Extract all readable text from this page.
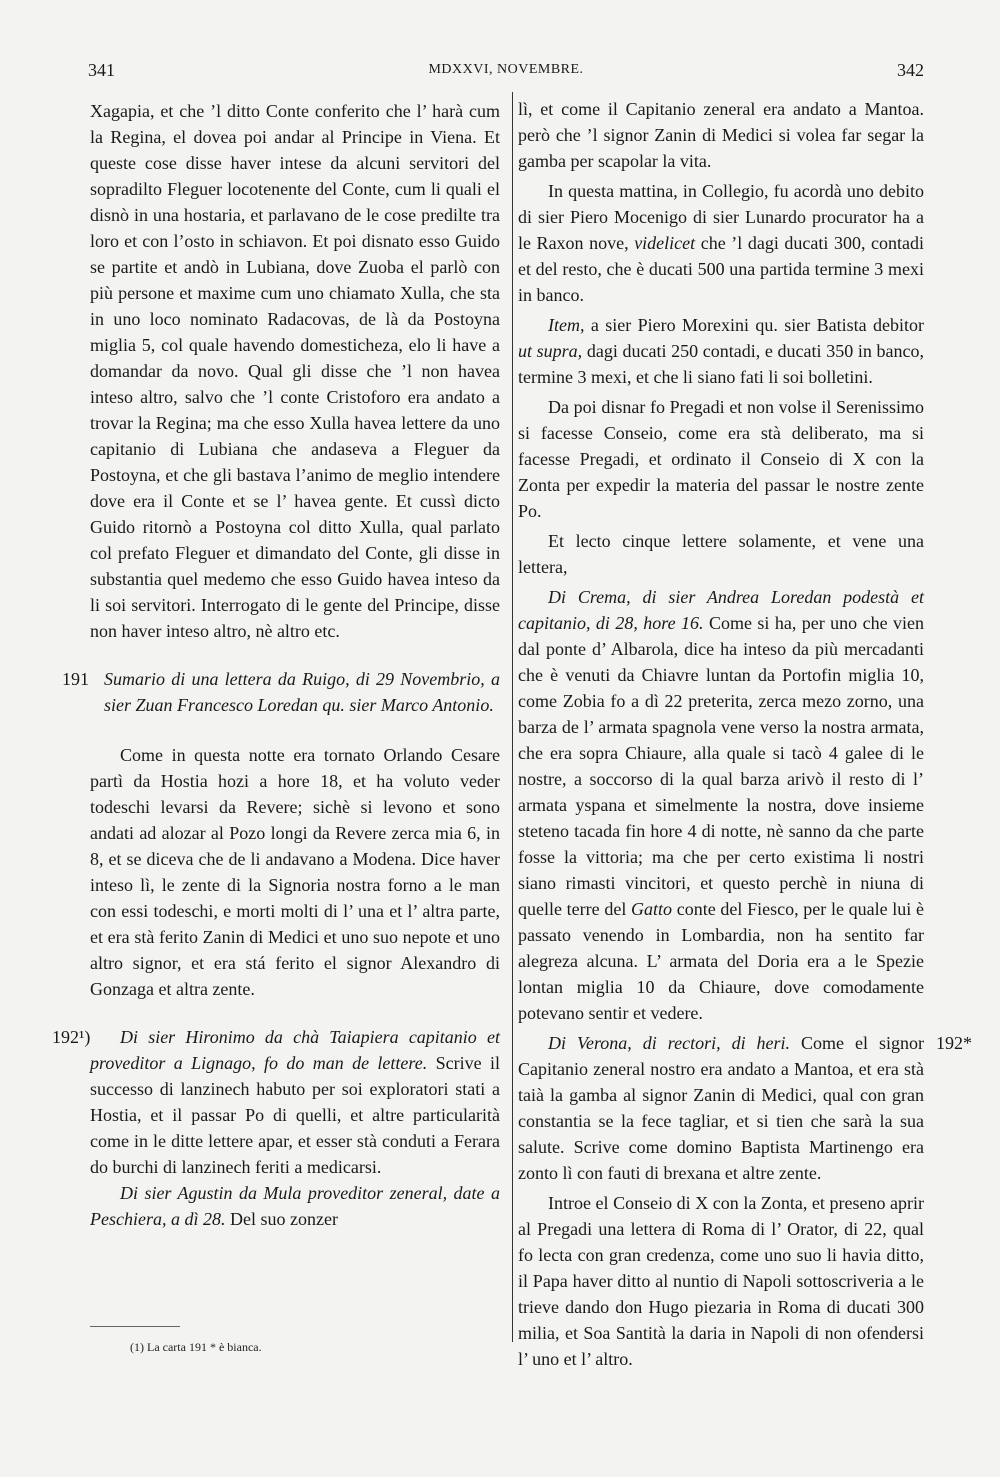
341	MDXXVI, NOVEMBRE.	342

Xagapia, et che ’l ditto Conte conferito che l’ harà cum la Regina, el dovea poi andar al Principe in Viena. Et queste cose disse haver intese da alcuni servitori del sopradilto Fleguer locotenente del Conte, cum li quali el disnò in una hostaria, et parlavano de le cose predilte tra loro et con l’osto in schiavon. Et poi disnato esso Guido se partite et andò in Lubiana, dove Zuoba el parlò con più persone et maxime cum uno chiamato Xulla, che sta in uno loco nominato Radacovas, de là da Postoyna miglia 5, col quale havendo domesticheza, elo li have a domandar da novo. Qual gli disse che ’l non havea inteso altro, salvo che ’l conte Cristoforo era andato a trovar la Regina; ma che esso Xulla havea lettere da uno capitanio di Lubiana che andaseva a Fleguer da Postoyna, et che gli bastava l’animo de meglio intendere dove era il Conte et se l’ havea gente. Et cussì dicto Guido ritornò a Postoyna col ditto Xulla, qual parlato col prefato Fleguer et dimandato del Conte, gli disse in substantia quel medemo che esso Guido havea inteso da li soi servitori. Interrogato di le gente del Principe, disse non haver inteso altro, nè altro etc.

191 Sumario di una lettera da Ruigo, di 29 Novembrio, a sier Zuan Francesco Loredan qu. sier Marco Antonio.

Come in questa notte era tornato Orlando Cesare partì da Hostia hozi a hore 18, et ha voluto veder todeschi levarsi da Revere; sichè si levono et sono andati ad alozar al Pozo longi da Revere zerca mia 6, in 8, et se diceva che de li andavano a Modena. Dice haver inteso lì, le zente di la Signoria nostra forno a le man con essi todeschi, e morti molti di l’ una et l’ altra parte, et era stà ferito Zanin di Medici et uno suo nepote et uno altro signor, et era stá ferito el signor Alexandro di Gonzaga et altra zente.

192¹)	Di sier Hironimo da chà Taiapiera capitanio et proveditor a Lignago, fo do man de lettere. Scrive il successo di lanzinech habuto per soi exploratori stati a Hostia, et il passar Po di quelli, et altre particularità come in le ditte lettere apar, et esser stà conduti a Ferara do burchi di lanzinech feriti a medicarsi.

Di sier Agustin da Mula proveditor zeneral, date a Peschiera, a dì 28. Del suo zonzer

lì, et come il Capitanio zeneral era andato a Mantoa. però che ’l signor Zanin di Medici si volea far segar la gamba per scapolar la vita.

In questa mattina, in Collegio, fu acordà uno debito di sier Piero Mocenigo di sier Lunardo procurator ha a le Raxon nove, videlicet che ’l dagi ducati 300, contadi et del resto, che è ducati 500 una partida termine 3 mexi in banco.

Item, a sier Piero Morexini qu. sier Batista debitor ut supra, dagi ducati 250 contadi, e ducati 350 in banco, termine 3 mexi, et che li siano fati li soi bolletini.

Da poi disnar fo Pregadi et non volse il Serenissimo si facesse Conseio, come era stà deliberato, ma si facesse Pregadi, et ordinato il Conseio di X con la Zonta per expedir la materia del passar le nostre zente Po.

Et lecto cinque lettere solamente, et vene una lettera,

Di Crema, di sier Andrea Loredan podestà et capitanio, di 28, hore 16. Come si ha, per uno che vien dal ponte d’ Albarola, dice ha inteso da più mercadanti che è venuti da Chiavre luntan da Portofin miglia 10, come Zobia fo a dì 22 preterita, zerca mezo zorno, una barza de l’ armata spagnola vene verso la nostra armata, che era sopra Chiaure, alla quale si tacò 4 galee di le nostre, a soccorso di la qual barza arivò il resto di l’ armata yspana et simelmente la nostra, dove insieme steteno tacada fin hore 4 di notte, nè sanno da che parte fosse la vittoria; ma che per certo existima li nostri siano rimasti vincitori, et questo perchè in niuna di quelle terre del Gatto conte del Fiesco, per le quale lui è passato venendo in Lombardia, non ha sentito far alegreza alcuna. L’ armata del Doria era a le Spezie lontan miglia 10 da Chiaure, dove comodamente potevano sentir et vedere.

192*

Di Verona, di rectori, di heri. Come el signor Capitanio zeneral nostro era andato a Mantoa, et era stà taià la gamba al signor Zanin di Medici, qual con gran constantia se la fece tagliar, et si tien che sarà la sua salute. Scrive come domino Baptista Martinengo era zonto lì con fauti di brexana et altre zente.

Introe el Conseio di X con la Zonta, et preseno aprir al Pregadi una lettera di Roma di l’ Orator, di 22, qual fo lecta con gran credenza, come uno suo li havia ditto, il Papa haver ditto al nuntio di Napoli sottoscriveria a le trieve dando don Hugo piezaria in Roma di ducati 300 milia, et Soa Santità la daria in Napoli di non ofendersi l’ uno et l’ altro.

(1) La carta 191 * è bianca.
